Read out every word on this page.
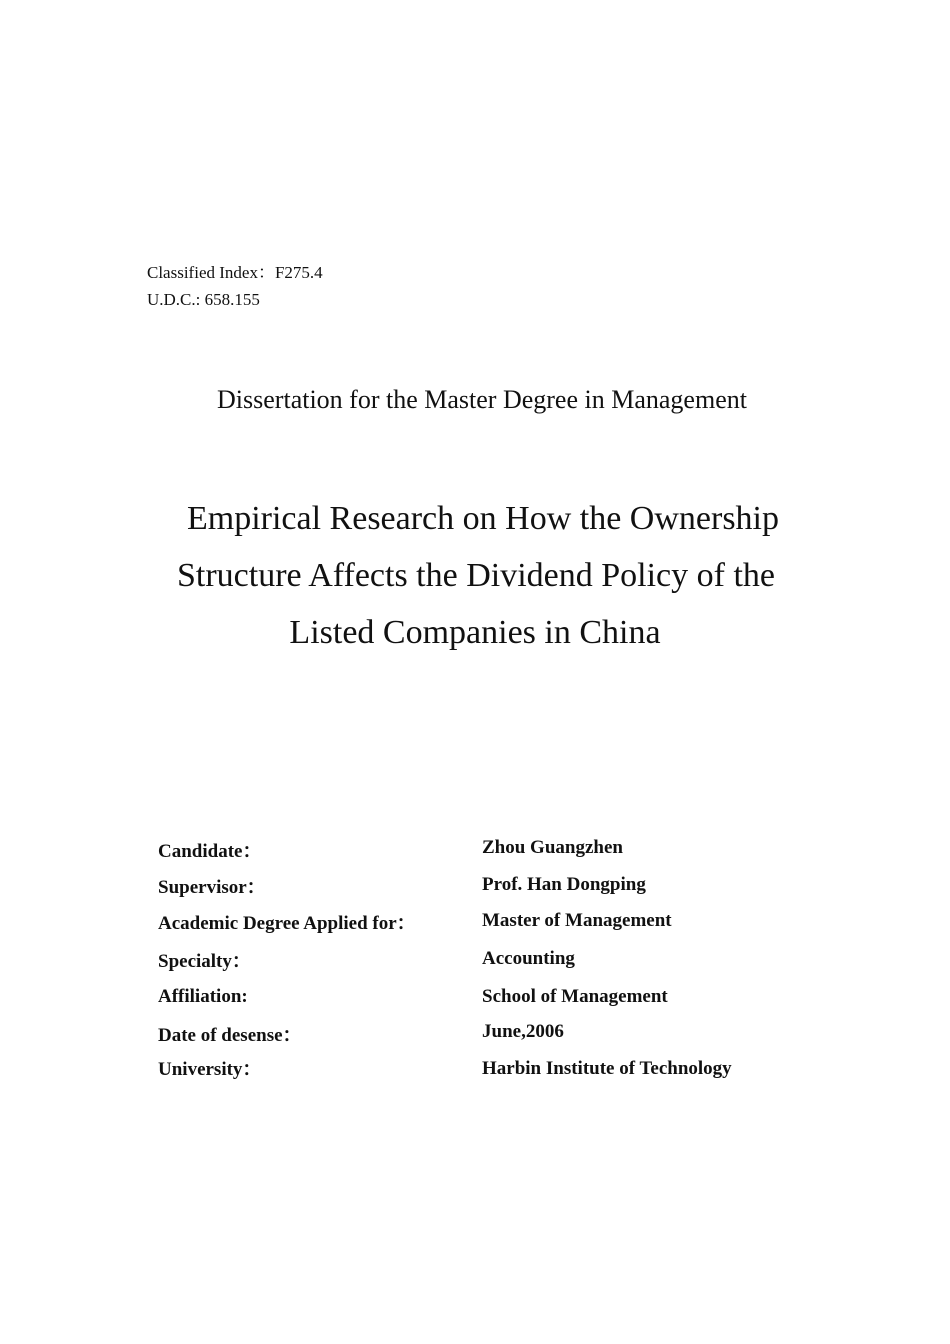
Classified Index：F275.4
U.D.C.: 658.155
Dissertation for the Master Degree in Management
Empirical Research on How the Ownership
Structure Affects the Dividend Policy of the
Listed Companies in China
Candidate：	Zhou Guangzhen
Supervisor：	Prof. Han Dongping
Academic Degree Applied for：	Master of Management
Specialty：	Accounting
Affiliation:	School of Management
Date of desense：	June,2006
University：	Harbin Institute of Technology
